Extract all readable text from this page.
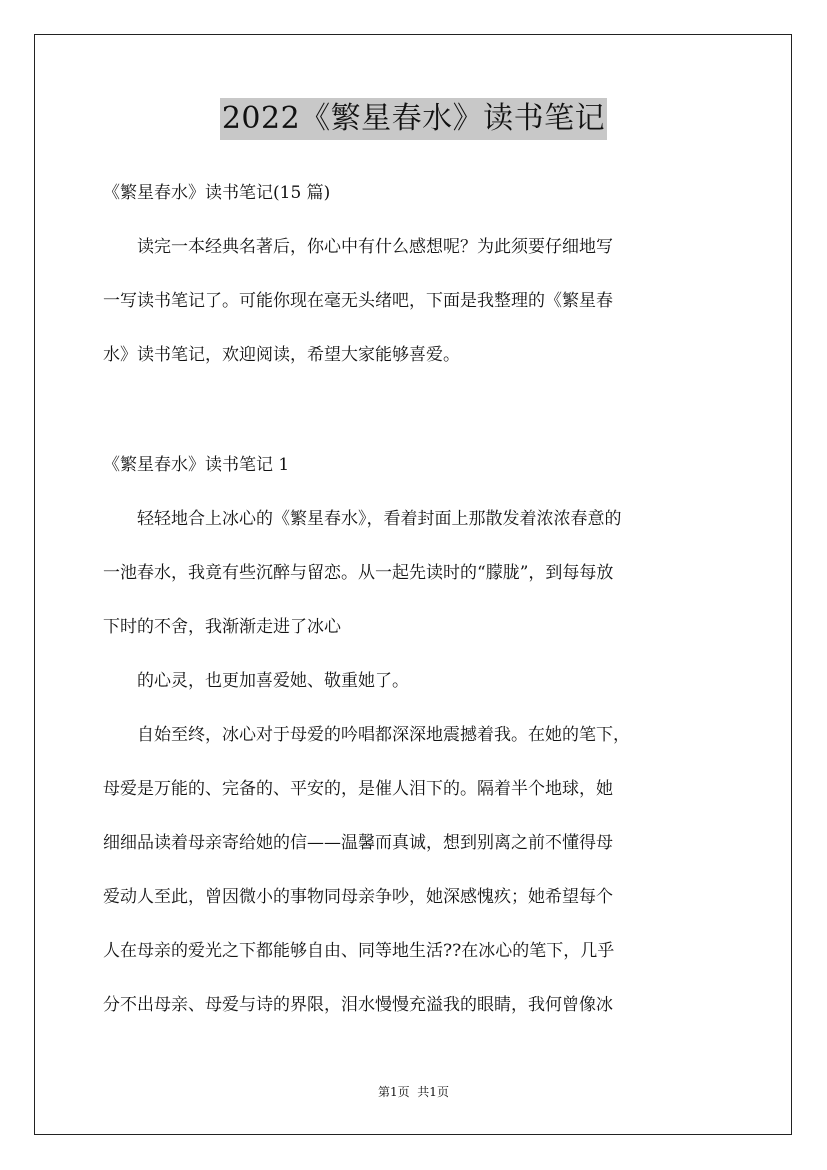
2022《繁星春水》读书笔记
《繁星春水》读书笔记(15 篇)
　　读完一本经典名著后，你心中有什么感想呢？为此须要仔细地写
一写读书笔记了。可能你现在毫无头绪吧，下面是我整理的《繁星春
水》读书笔记，欢迎阅读，希望大家能够喜爱。
《繁星春水》读书笔记 1
　　轻轻地合上冰心的《繁星春水》，看着封面上那散发着浓浓春意的
一池春水，我竟有些沉醉与留恋。从一起先读时的“朦胧”，到每每放
下时的不舍，我渐渐走进了冰心
　　的心灵，也更加喜爱她、敬重她了。
　　自始至终，冰心对于母爱的吟唱都深深地震撼着我。在她的笔下，
母爱是万能的、完备的、平安的，是催人泪下的。隔着半个地球，她
细细品读着母亲寄给她的信——温馨而真诚，想到别离之前不懂得母
爱动人至此，曾因微小的事物同母亲争吵，她深感愧疚；她希望每个
人在母亲的爱光之下都能够自由、同等地生活??在冰心的笔下，几乎
分不出母亲、母爱与诗的界限，泪水慢慢充溢我的眼睛，我何曾像冰
第1页  共1页
